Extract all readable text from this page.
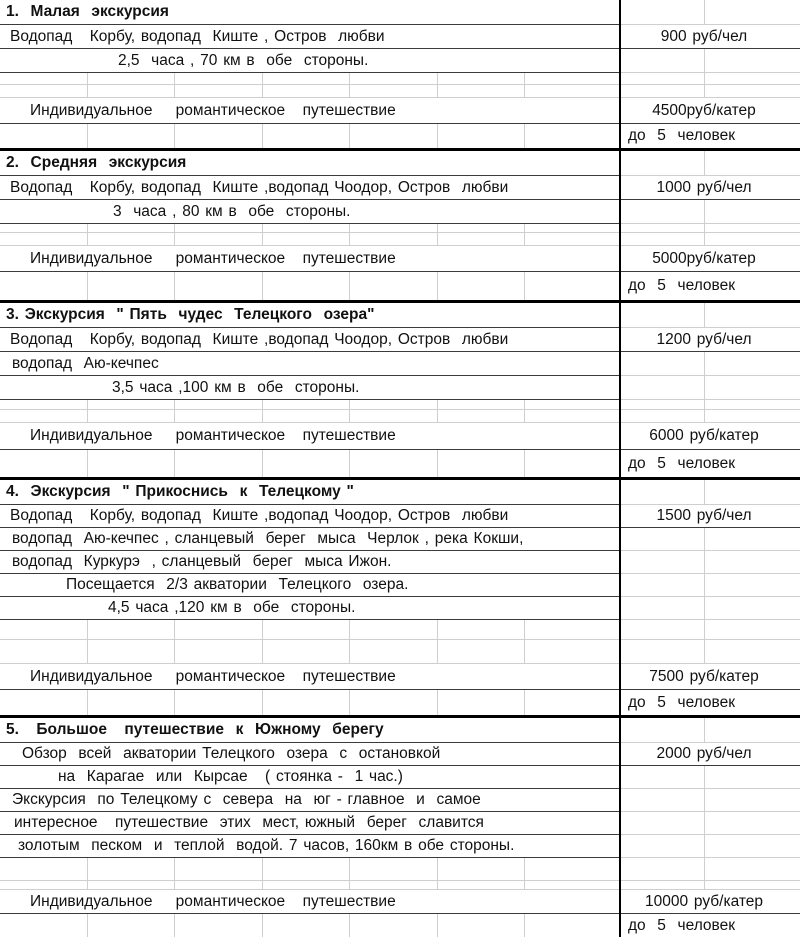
1.  Малая  экскурсия
Водопад   Корбу, водопад  Киште , Остров  любви	900 руб/чел
2,5  часа , 70 км в  обе  стороны.
Индивидуальное    романтическое   путешествие	4500руб/катер
до  5  человек
2.  Средняя  экскурсия
Водопад   Корбу, водопад  Киште ,водопад Чоодор, Остров  любви	1000 руб/чел
3  часа , 80 км в  обе  стороны.
Индивидуальное    романтическое   путешествие	5000руб/катер
до  5  человек
3. Экскурсия  " Пять  чудес  Телецкого  озера"
Водопад   Корбу, водопад  Киште ,водопад Чоодор, Остров  любви	1200 руб/чел
водопад  Аю-кечпес
3,5 часа ,100 км в  обе  стороны.
Индивидуальное    романтическое   путешествие	6000 руб/катер
до  5  человек
4.  Экскурсия  " Прикоснись  к  Телецкому "
Водопад   Корбу, водопад  Киште ,водопад Чоодор, Остров  любви	1500 руб/чел
водопад  Аю-кечпес , сланцевый  берег  мыса  Черлок , река Кокши,
водопад  Куркурэ  , сланцевый  берег  мыса Ижон.
Посещается  2/3 акватории  Телецкого  озера.
4,5 часа ,120 км в  обе  стороны.
Индивидуальное    романтическое   путешествие	7500 руб/катер
до  5  человек
5.   Большое   путешествие  к  Южному  берегу
Обзор  всей  акватории Телецкого  озера  с  остановкой	2000 руб/чел
на  Карагае  или  Кырсае   ( стоянка -  1 час.)
Экскурсия  по Телецкому с  севера  на  юг - главное  и  самое
интересное   путешествие  этих  мест, южный  берег  славится
золотым  песком  и  теплой  водой. 7 часов, 160км в обе стороны.
Индивидуальное    романтическое   путешествие	10000 руб/катер
до  5  человек
